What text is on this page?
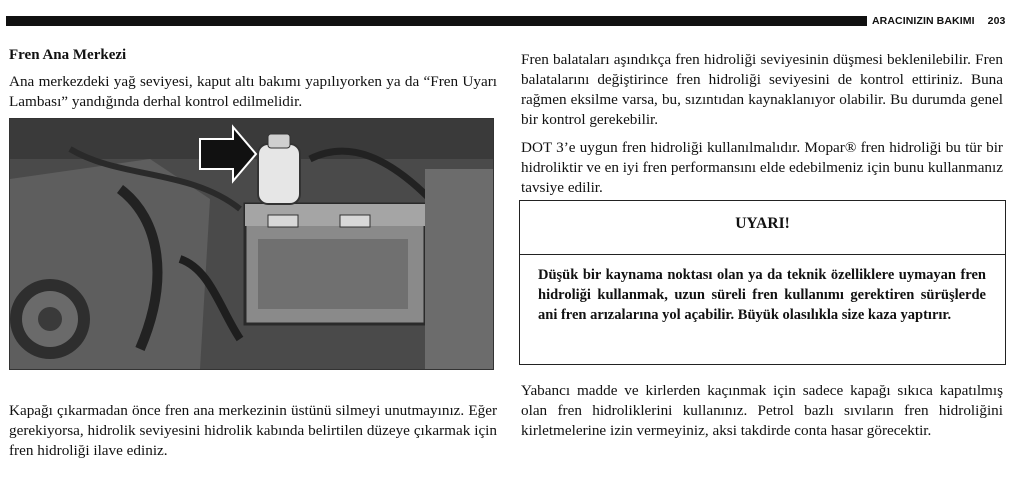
ARACINIZIN BAKIMI 203
Fren Ana Merkezi
Ana merkezdeki yağ seviyesi, kaput altı bakımı yapılıyorken ya da “Fren Uyarı Lambası” yandığında derhal kontrol edilmelidir.
Kapağı çıkarmadan önce fren ana merkezinin üstünü silmeyi unutmayınız. Eğer gerekiyorsa, hidrolik seviyesini hidrolik kabında belirtilen düzeye çıkarmak için fren hidroliği ilave ediniz.
Fren balataları aşındıkça fren hidroliği seviyesinin düşmesi beklenilebilir. Fren balatalarını değiştirince fren hidroliği seviyesini de kontrol ettiriniz. Buna rağmen eksilme varsa, bu, sızıntıdan kaynaklanıyor olabilir. Bu durumda genel bir kontrol gerekebilir.
DOT 3’e uygun fren hidroliği kullanılmalıdır. Mopar® fren hidroliği bu tür bir hidroliktir ve en iyi fren performansını elde edebilmeniz için bunu kullanmanız tavsiye edilir.
UYARI!
Düşük bir kaynama noktası olan ya da teknik özelliklere uymayan fren hidroliği kullanmak, uzun süreli fren kullanımı gerektiren sürüşlerde ani fren arızalarına yol açabilir. Büyük olasılıkla size kaza yaptırır.
Yabancı madde ve kirlerden kaçınmak için sadece kapağı sıkıca kapatılmış olan fren hidroliklerini kullanınız. Petrol bazlı sıvıların fren hidroliğini kirletmelerine izin vermeyiniz, aksi takdirde conta hasar görecektir.
